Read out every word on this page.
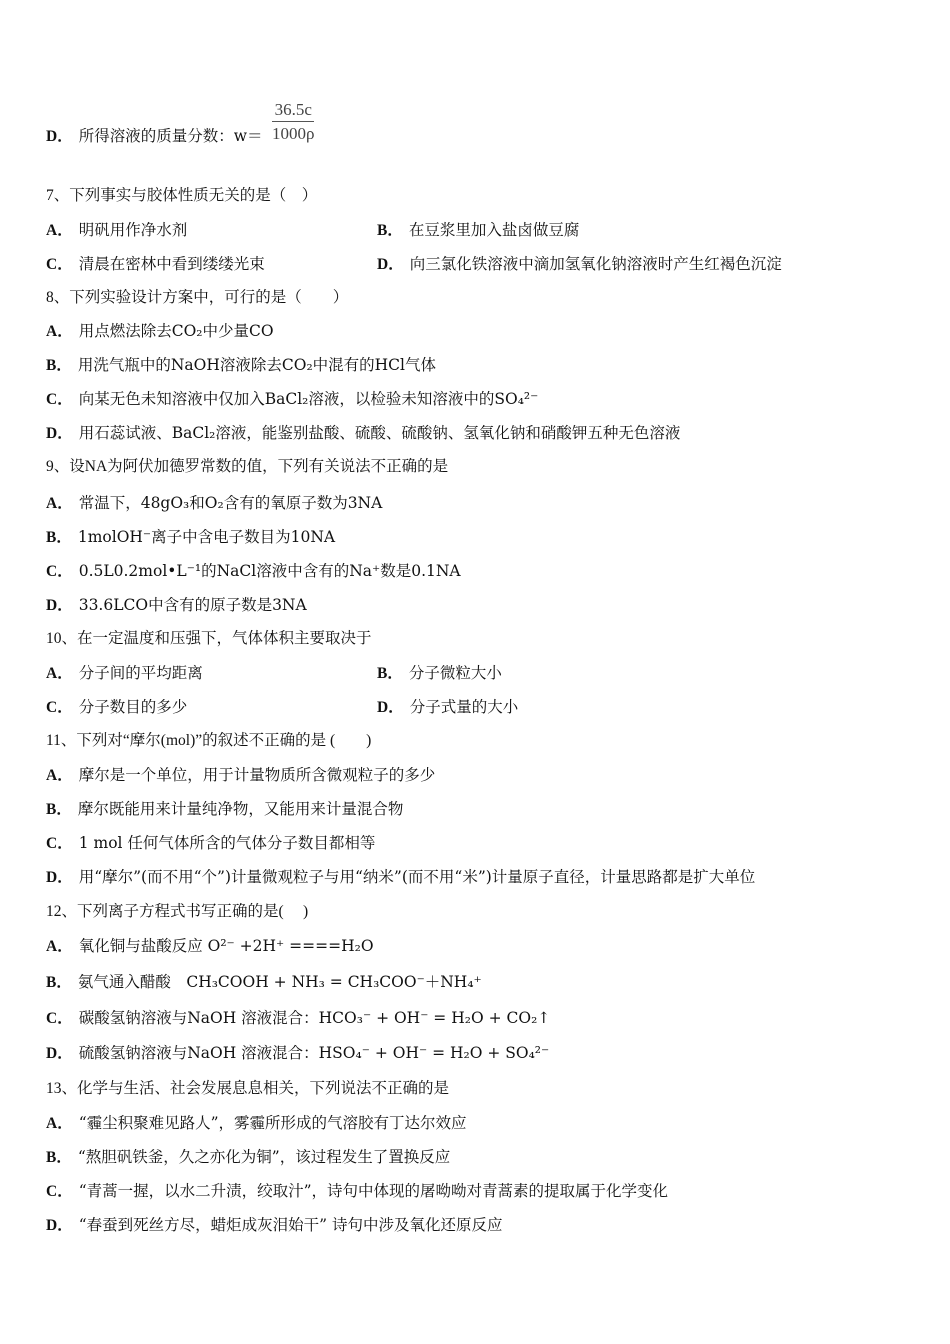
D． 所得溶液的质量分数：$w= \frac{36.5c}{1000\rho}$
7、下列事实与胶体性质无关的是（　）
A． 明矾用作净水剂	B． 在豆浆里加入盐卤做豆腐
C． 清晨在密林中看到缕缕光束	D． 向三氯化铁溶液中滴加氢氧化钠溶液时产生红褐色沉淀
8、下列实验设计方案中，可行的是（　　）
A． 用点燃法除去CO₂中少量CO
B． 用洗气瓶中的NaOH溶液除去CO₂中混有的HCl气体
C． 向某无色未知溶液中仅加入BaCl₂溶液，以检验未知溶液中的SO₄²⁻
D． 用石蕊试液、BaCl₂溶液，能鉴别盐酸、硫酸、硫酸钠、氢氧化钠和硝酸钾五种无色溶液
9、设NA为阿伏加德罗常数的值，下列有关说法不正确的是
A． 常温下，48gO₃和O₂含有的氧原子数为3NA
B． 1molOH⁻离子中含电子数目为10NA
C． 0.5L0.2mol•L⁻¹的NaCl溶液中含有的Na⁺数是0.1NA
D． 33.6LCO中含有的原子数是3NA
10、在一定温度和压强下，气体体积主要取决于
A． 分子间的平均距离	B． 分子微粒大小
C． 分子数目的多少	D． 分子式量的大小
11、下列对“摩尔(mol)”的叙述不正确的是 (　　)
A． 摩尔是一个单位，用于计量物质所含微观粒子的多少
B． 摩尔既能用来计量纯净物，又能用来计量混合物
C． 1 mol 任何气体所含的气体分子数目都相等
D． 用“摩尔”(而不用“个”)计量微观粒子与用“纳米”(而不用“米”)计量原子直径，计量思路都是扩大单位
12、下列离子方程式书写正确的是(　 )
A． 氧化铜与盐酸反应 O²⁻ +2H⁺ ====H₂O
B． 氨气通入醋酸　CH₃COOH + NH₃ = CH₃COO⁻＋NH₄⁺
C． 碳酸氢钠溶液与NaOH 溶液混合：HCO₃⁻ + OH⁻ = H₂O + CO₂↑
D． 硫酸氢钠溶液与NaOH 溶液混合：HSO₄⁻ + OH⁻ = H₂O + SO₄²⁻
13、化学与生活、社会发展息息相关，下列说法不正确的是
A． “霾尘积聚难见路人”，雾霾所形成的气溶胶有丁达尔效应
B． “熬胆矾铁釜，久之亦化为铜”，该过程发生了置换反应
C． “青蒿一握，以水二升渍，绞取汁”，诗句中体现的屠呦呦对青蒿素的提取属于化学变化
D． “春蚕到死丝方尽，蜡炬成灰泪始干” 诗句中涉及氧化还原反应
